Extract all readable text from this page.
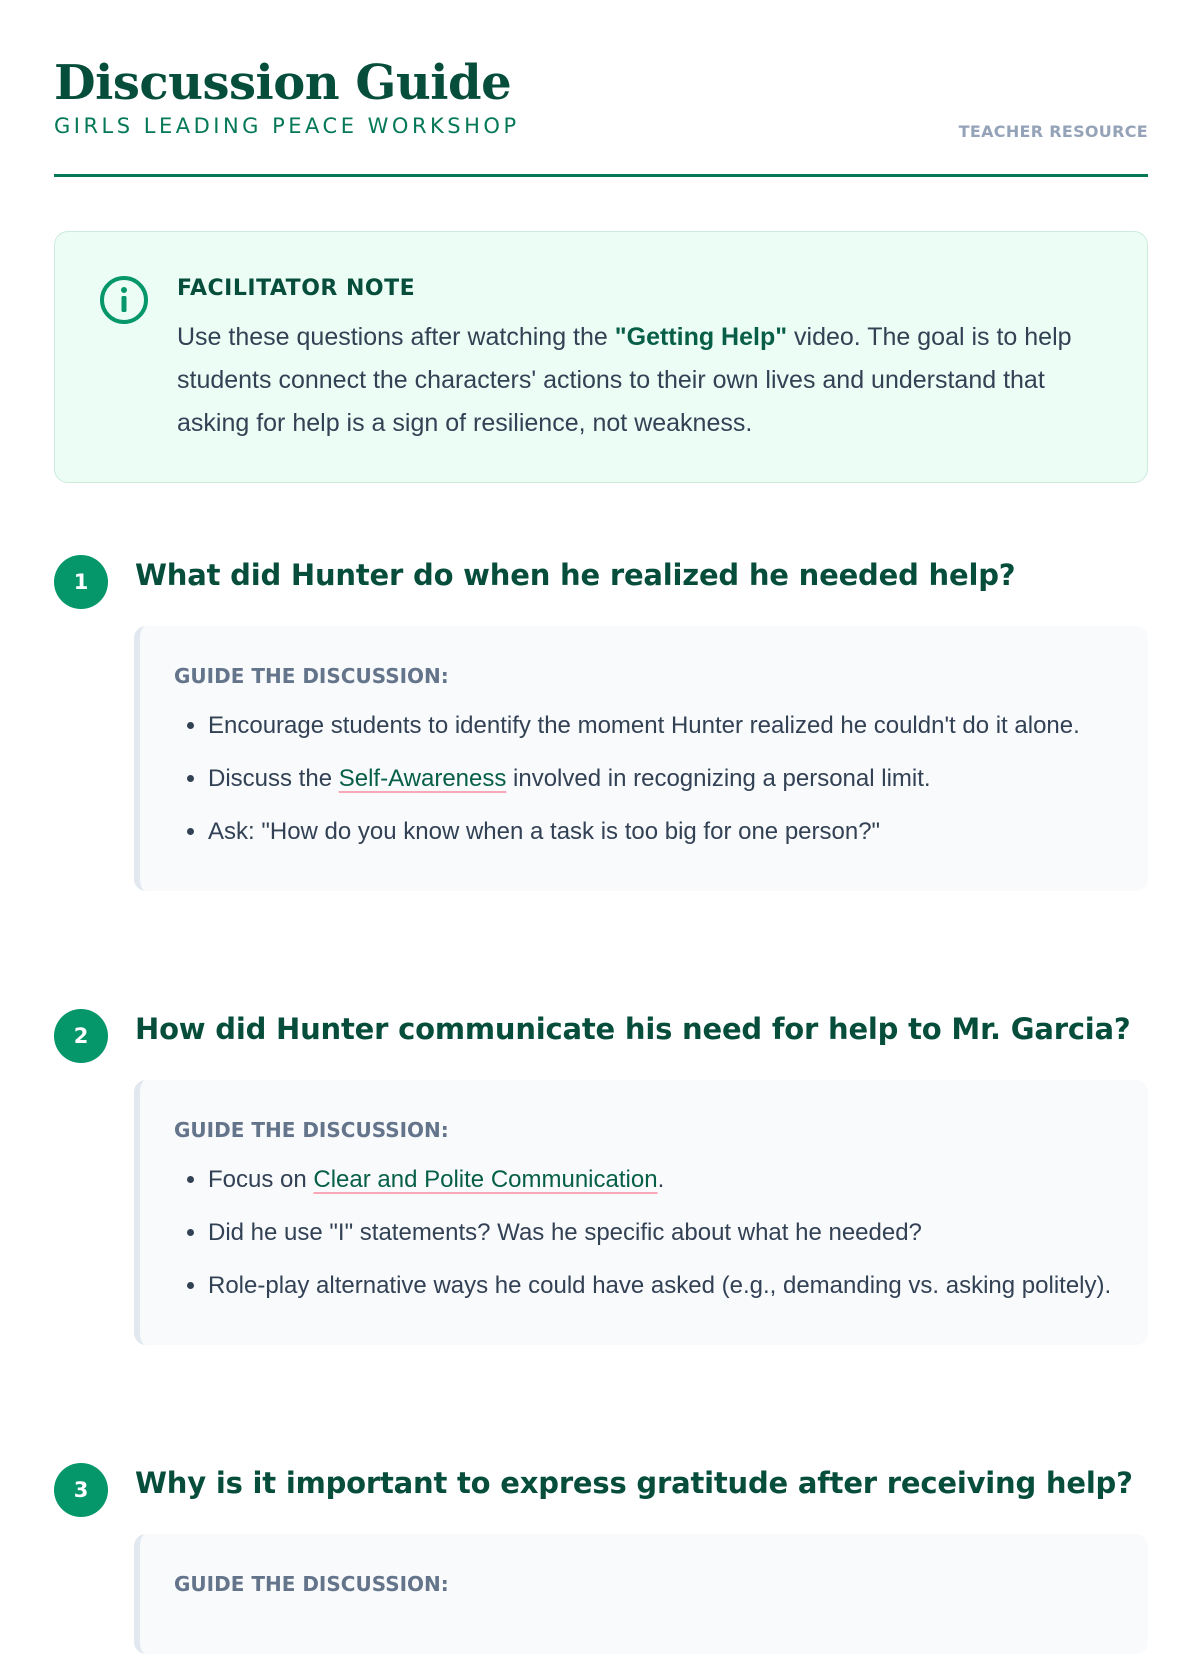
Discussion Guide
GIRLS LEADING PEACE WORKSHOP	TEACHER RESOURCE
FACILITATOR NOTE
Use these questions after watching the "Getting Help" video. The goal is to help students connect the characters' actions to their own lives and understand that asking for help is a sign of resilience, not weakness.
1	What did Hunter do when he realized he needed help?
GUIDE THE DISCUSSION:
• Encourage students to identify the moment Hunter realized he couldn't do it alone.
• Discuss the Self-Awareness involved in recognizing a personal limit.
• Ask: "How do you know when a task is too big for one person?"
2	How did Hunter communicate his need for help to Mr. Garcia?
GUIDE THE DISCUSSION:
• Focus on Clear and Polite Communication.
• Did he use "I" statements? Was he specific about what he needed?
• Role-play alternative ways he could have asked (e.g., demanding vs. asking politely).
3	Why is it important to express gratitude after receiving help?
GUIDE THE DISCUSSION:
